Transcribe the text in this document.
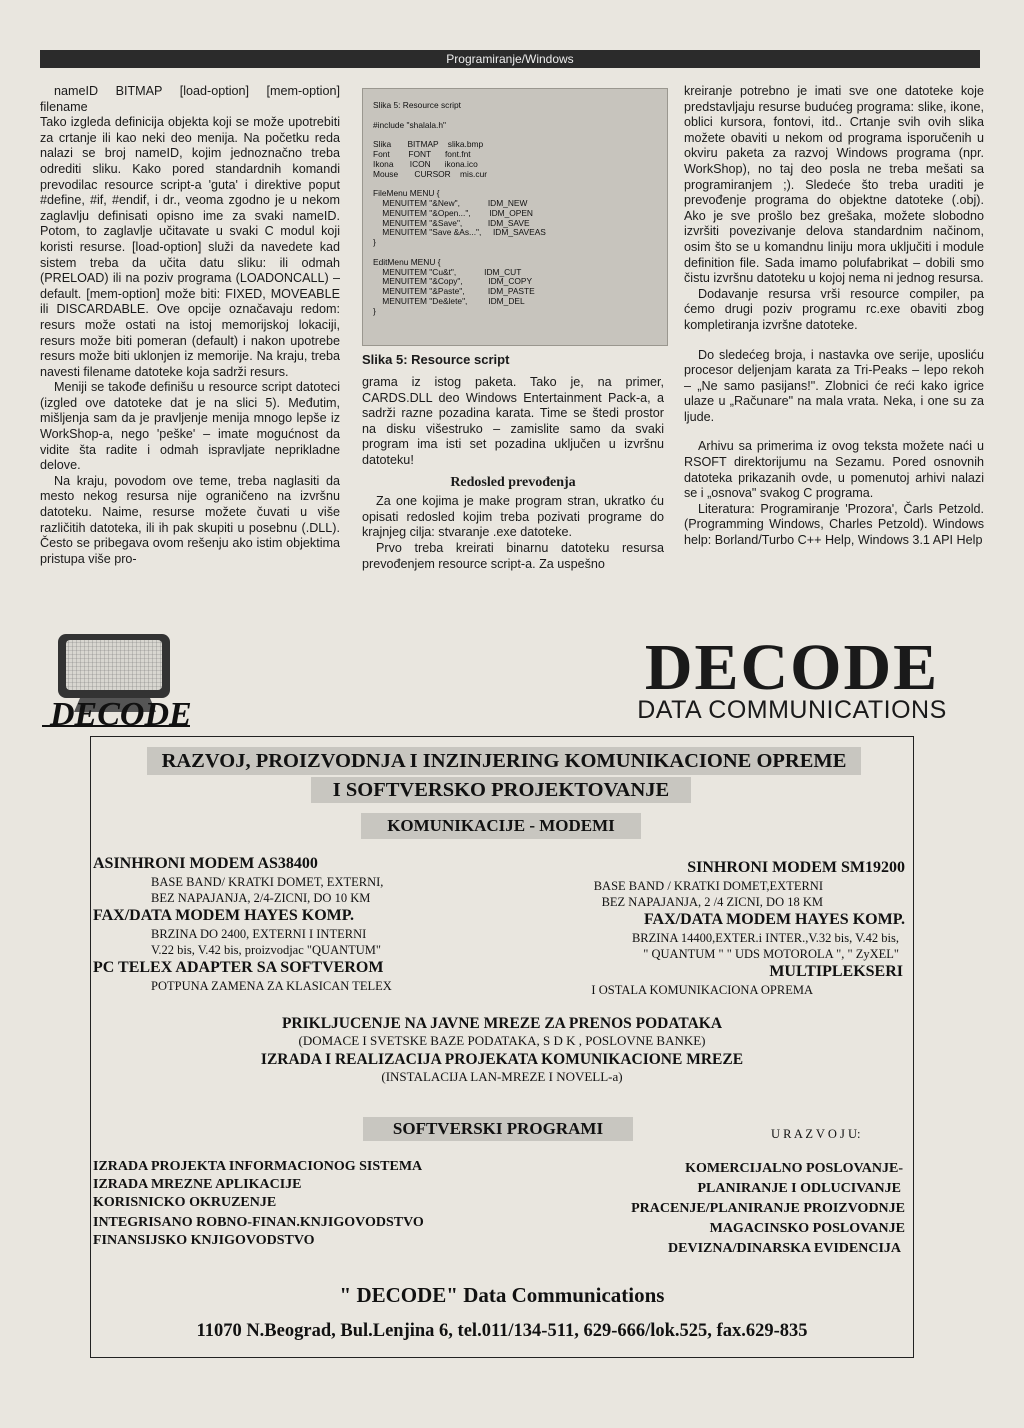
Programiranje/Windows

nameID BITMAP [load-option] [mem-option] filename

Tako izgleda definicija objekta koji se može upotrebiti za crtanje ili kao neki deo menija. Na početku reda nalazi se broj nameID, kojim jednoznačno treba odrediti sliku. Kako pored standardnih komandi prevodilac resource script-a 'guta' i direktive poput #define, #if, #endif, i dr., veoma zgodno je u nekom zaglavlju definisati opisno ime za svaki nameID. Potom, to zaglavlje učitavate u svaki C modul koji koristi resurse. [load-option] služi da navedete kad sistem treba da učita datu sliku: ili odmah (PRELOAD) ili na poziv programa (LOADONCALL) – default. [mem-option] može biti: FIXED, MOVEABLE ili DISCARDABLE. Ove opcije označavaju redom: resurs može ostati na istoj memorijskoj lokaciji, resurs može biti pomeran (default) i nakon upotrebe resurs može biti uklonjen iz memorije. Na kraju, treba navesti filename datoteke koja sadrži resurs.

Meniji se takođe definišu u resource script datoteci (izgled ove datoteke dat je na slici 5). Međutim, mišljenja sam da je pravljenje menija mnogo lepše iz WorkShop-a, nego 'peške' – imate mogućnost da vidite šta radite i odmah ispravljate neprikladne delove.

Na kraju, povodom ove teme, treba naglasiti da mesto nekog resursa nije ograničeno na izvršnu datoteku. Naime, resurse možete čuvati u više različitih datoteka, ili ih pak skupiti u posebnu (.DLL). Često se pribegava ovom rešenju ako istim objektima pristupa više pro-

Slika 5: Resource script

#include "shalala.h"

Slika       BITMAP    slika.bmp
Font        FONT      font.fnt
Ikona       ICON      ikona.ico
Mouse       CURSOR    mis.cur

FileMenu MENU {
MENUITEM "&New",            IDM_NEW
MENUITEM "&Open...",        IDM_OPEN
MENUITEM "&Save",           IDM_SAVE
MENUITEM "Save &As...",     IDM_SAVEAS
}

EditMenu MENU {
MENUITEM "Cu&t",            IDM_CUT
MENUITEM "&Copy",           IDM_COPY
MENUITEM "&Paste",          IDM_PASTE
MENUITEM "De&lete",         IDM_DEL
}
Slika 5: Resource script

grama iz istog paketa. Tako je, na primer, CARDS.DLL deo Windows Entertainment Pack-a, a sadrži razne pozadina karata. Time se štedi prostor na disku višestruko – zamislite samo da svaki program ima isti set pozadina uključen u izvršnu datoteku!

Redosled prevođenja

Za one kojima je make program stran, ukratko ću opisati redosled kojim treba pozivati programe do krajnjeg cilja: stvaranje .exe datoteke.

Prvo treba kreirati binarnu datoteku resursa prevođenjem resource script-a. Za uspešno

kreiranje potrebno je imati sve one datoteke koje predstavljaju resurse budućeg programa: slike, ikone, oblici kursora, fontovi, itd.. Crtanje svih ovih slika možete obaviti u nekom od programa isporučenih u okviru paketa za razvoj Windows programa (npr. WorkShop), no taj deo posla ne treba mešati sa programiranjem ;). Sledeće što treba uraditi je prevođenje programa do objektne datoteke (.obj). Ako je sve prošlo bez grešaka, možete slobodno izvršiti povezivanje delova standardnim načinom, osim što se u komandnu liniju mora uključiti i module definition file. Sada imamo polufabrikat – dobili smo čistu izvršnu datoteku u kojoj nema ni jednog resursa.

Dodavanje resursa vrši resource compiler, pa ćemo drugi poziv programu rc.exe obaviti zbog kompletiranja izvršne datoteke.

Do sledećeg broja, i nastavka ove serije, uposliću procesor deljenjam karata za Tri-Peaks – lepo rekoh – „Ne samo pasijans!". Zlobnici će reći kako igrice ulaze u „Računare" na mala vrata. Neka, i one su za ljude.

Arhivu sa primerima iz ovog teksta možete naći u RSOFT direktorijumu na Sezamu. Pored osnovnih datoteka prikazanih ovde, u pomenutoj arhivi nalazi se i „osnova" svakog C programa.

Literatura: Programiranje 'Prozora', Čarls Petzold. (Programming Windows, Charles Petzold). Windows help: Borland/Turbo C++ Help, Windows 3.1 API Help

DECODE
DECODE
DATA COMMUNICATIONS
RAZVOJ, PROIZVODNJA I INZINJERING KOMUNIKACIONE OPREME
I SOFTVERSKO PROJEKTOVANJE
KOMUNIKACIJE - MODEMI
ASINHRONI MODEM AS38400
BASE BAND/ KRATKI DOMET, EXTERNI,
BEZ NAPAJANJA, 2/4-ZICNI, DO 10 KM
FAX/DATA MODEM HAYES KOMP.
BRZINA DO 2400, EXTERNI I INTERNI
V.22 bis, V.42 bis, proizvodjac "QUANTUM"
PC TELEX ADAPTER SA SOFTVEROM
POTPUNA ZAMENA ZA KLASICAN TELEX
SINHRONI MODEM SM19200
BASE BAND / KRATKI DOMET,EXTERNI
BEZ NAPAJANJA, 2 /4 ZICNI, DO 18 KM
FAX/DATA MODEM HAYES KOMP.
BRZINA 14400,EXTER.i INTER.,V.32 bis, V.42 bis,
" QUANTUM " " UDS MOTOROLA ", " ZyXEL"
MULTIPLEKSERI
I OSTALA KOMUNIKACIONA OPREMA
PRIKLJUCENJE NA JAVNE MREZE ZA PRENOS PODATAKA
(DOMACE I SVETSKE BAZE PODATAKA, S D K , POSLOVNE BANKE)
IZRADA I REALIZACIJA PROJEKATA KOMUNIKACIONE MREZE
(INSTALACIJA LAN-MREZE I NOVELL-a)
SOFTVERSKI PROGRAMI	U R A Z V O J U:
IZRADA PROJEKTA INFORMACIONOG SISTEMA
IZRADA MREZNE APLIKACIJE
KORISNICKO OKRUZENJE
INTEGRISANO ROBNO-FINAN.KNJIGOVODSTVO
FINANSIJSKO KNJIGOVODSTVO
KOMERCIJALNO POSLOVANJE-
PLANIRANJE I ODLUCIVANJE
PRACENJE/PLANIRANJE PROIZVODNJE
MAGACINSKO POSLOVANJE
DEVIZNA/DINARSKA EVIDENCIJA
" DECODE" Data Communications
11070 N.Beograd, Bul.Lenjina 6, tel.011/134-511, 629-666/lok.525, fax.629-835
